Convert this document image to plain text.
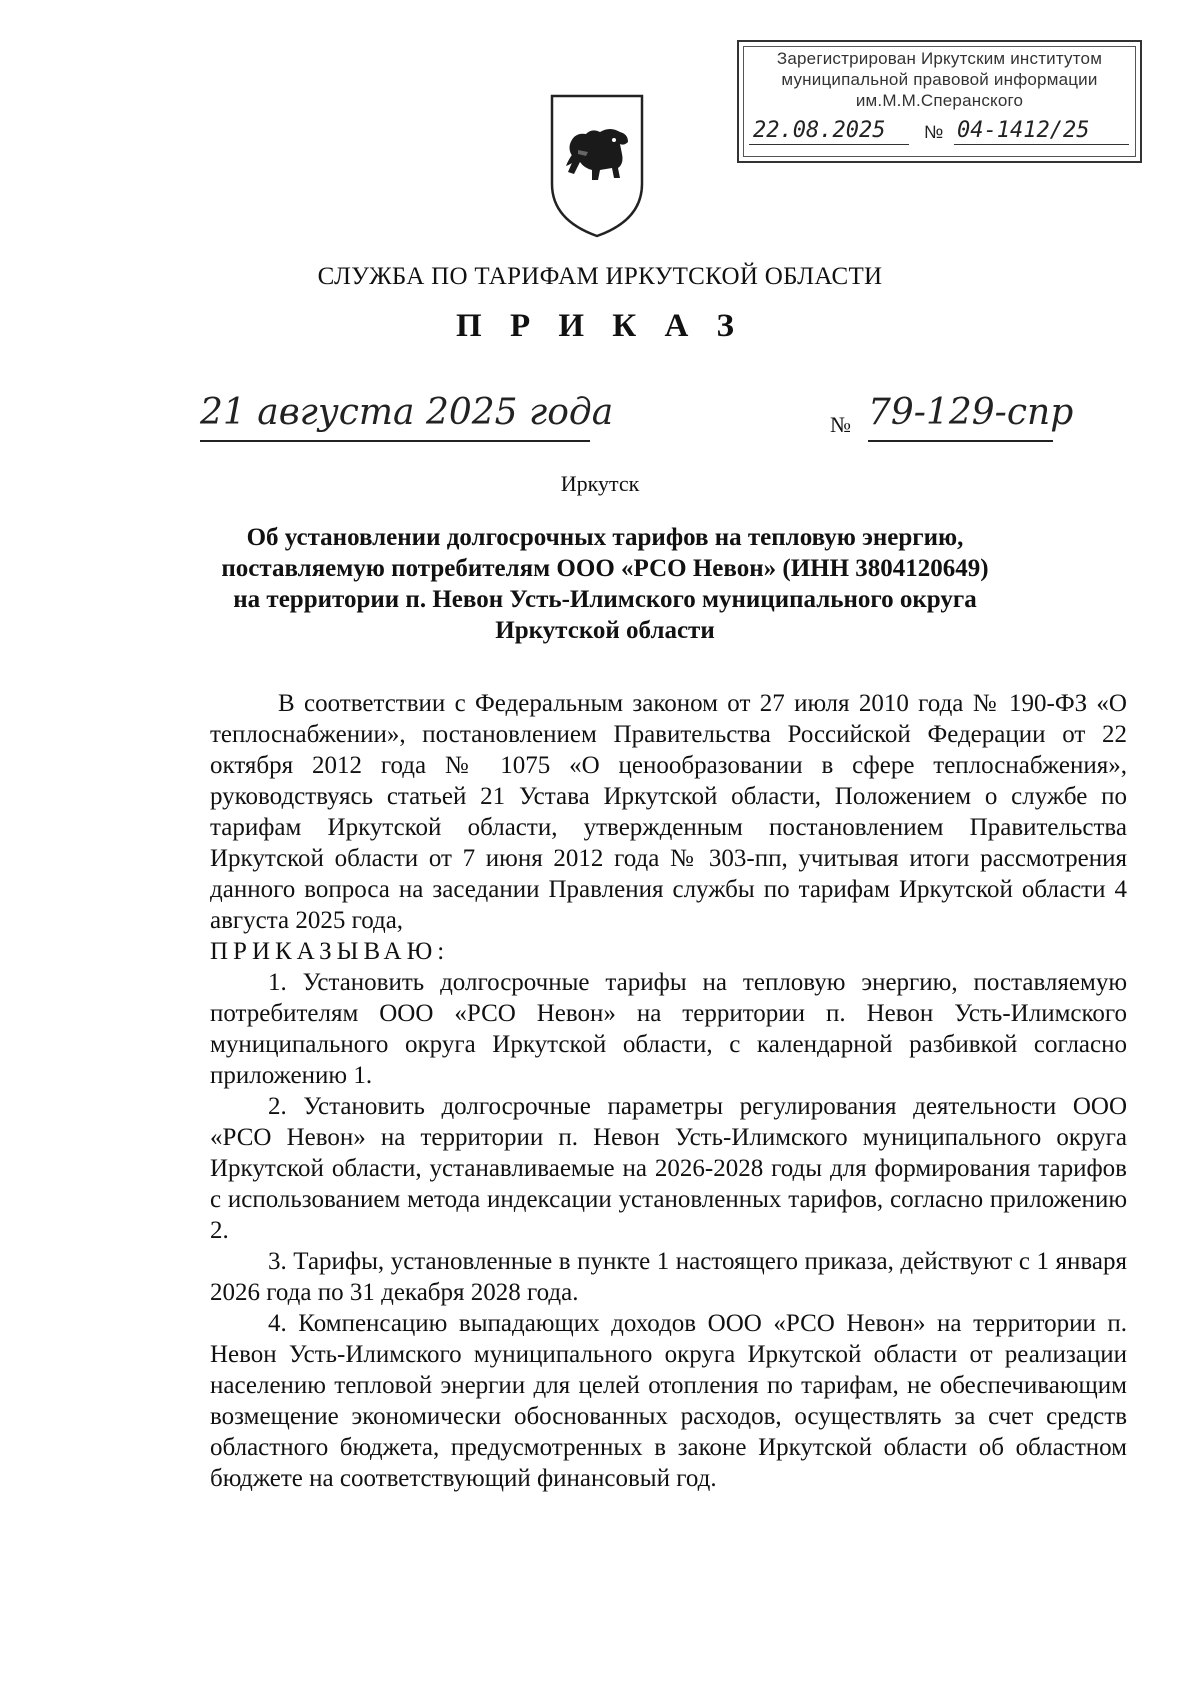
Зарегистрирован Иркутским институтом
муниципальной правовой информации
им.М.М.Сперанского
22.08.2025 № 04-1412/25
СЛУЖБА ПО ТАРИФАМ ИРКУТСКОЙ ОБЛАСТИ
П Р И К А З
21 августа 2025 года	№ 79-129-спр
Иркутск
Об установлении долгосрочных тарифов на тепловую энергию, поставляемую потребителям ООО «РСО Невон» (ИНН 3804120649) на территории п. Невон Усть-Илимского муниципального округа Иркутской области

В соответствии с Федеральным законом от 27 июля 2010 года № 190-ФЗ «О теплоснабжении», постановлением Правительства Российской Федерации от 22 октября 2012 года № 1075 «О ценообразовании в сфере теплоснабжения», руководствуясь статьей 21 Устава Иркутской области, Положением о службе по тарифам Иркутской области, утвержденным постановлением Правительства Иркутской области от 7 июня 2012 года № 303-пп, учитывая итоги рассмотрения данного вопроса на заседании Правления службы по тарифам Иркутской области 4 августа 2025 года,

ПРИКАЗЫВАЮ:

1. Установить долгосрочные тарифы на тепловую энергию, поставляемую потребителям ООО «РСО Невон» на территории п. Невон Усть-Илимского муниципального округа Иркутской области, с календарной разбивкой согласно приложению 1.

2. Установить долгосрочные параметры регулирования деятельности ООО «РСО Невон» на территории п. Невон Усть-Илимского муниципального округа Иркутской области, устанавливаемые на 2026-2028 годы для формирования тарифов с использованием метода индексации установленных тарифов, согласно приложению 2.

3. Тарифы, установленные в пункте 1 настоящего приказа, действуют с 1 января 2026 года по 31 декабря 2028 года.

4. Компенсацию выпадающих доходов ООО «РСО Невон» на территории п. Невон Усть-Илимского муниципального округа Иркутской области от реализации населению тепловой энергии для целей отопления по тарифам, не обеспечивающим возмещение экономически обоснованных расходов, осуществлять за счет средств областного бюджета, предусмотренных в законе Иркутской области об областном бюджете на соответствующий финансовый год.
